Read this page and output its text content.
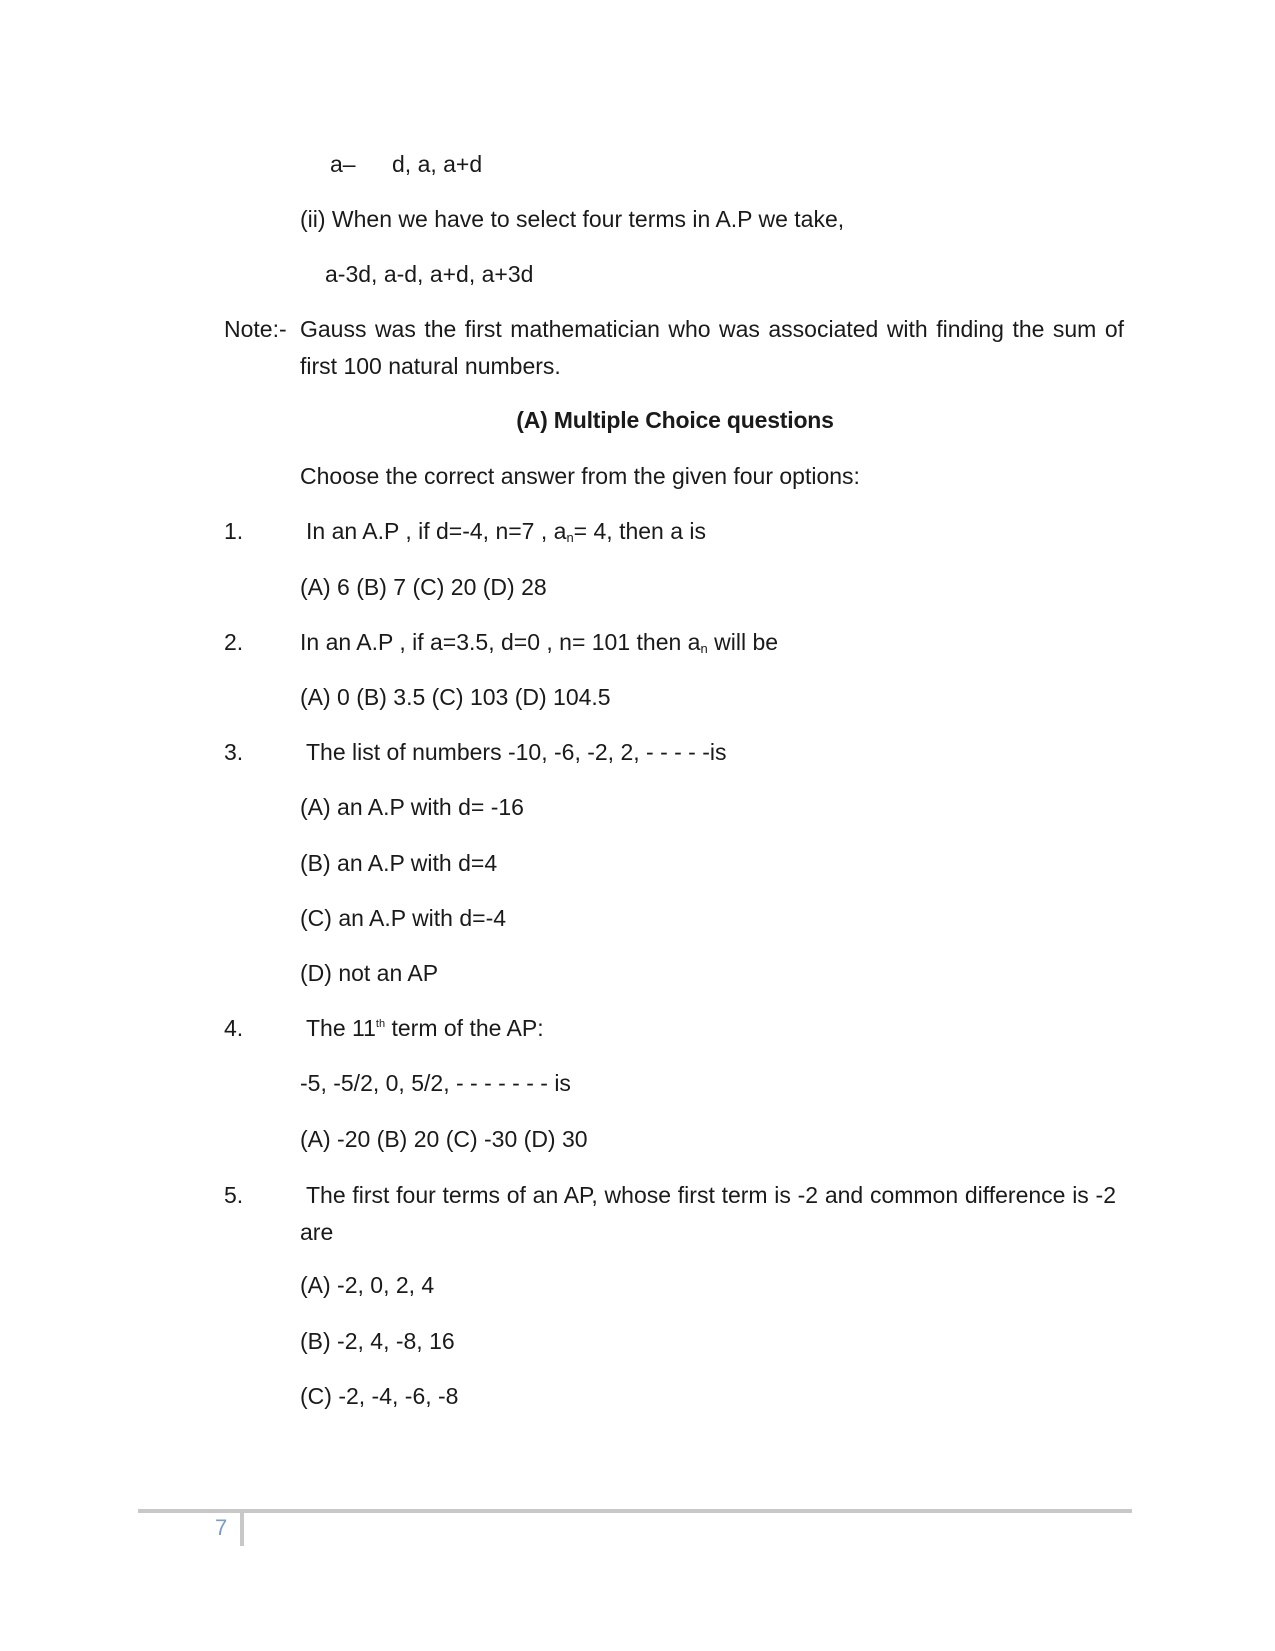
a– d, a, a+d
(ii) When we have to select four terms in A.P we take,
a-3d, a-d, a+d, a+3d
Note:- Gauss was the first mathematician who was associated with finding the sum of first 100 natural numbers.
(A) Multiple Choice questions
Choose the correct answer from the given four options:
1.	In an A.P , if d=-4, n=7 , $a_n= 4$, then a is
(A) 6 (B) 7 (C) 20 (D) 28
2. In an A.P , if a=3.5, d=0 , n= 101 then $a_n$ will be
(A) 0 (B) 3.5 (C) 103 (D) 104.5
3.	The list of numbers -10, -6, -2, 2, - - - - -is
(A) an A.P with d= -16
(B) an A.P with d=4
(C) an A.P with d=-4
(D) not an AP
4.	The 11th term of the AP:
-5, -5/2, 0, 5/2, - - - - - - - is
(A) -20 (B) 20 (C) -30 (D) 30
5.	The first four terms of an AP, whose first term is -2 and common difference is -2 are
(A) -2, 0, 2, 4
(B) -2, 4, -8, 16
(C) -2, -4, -6, -8
7
